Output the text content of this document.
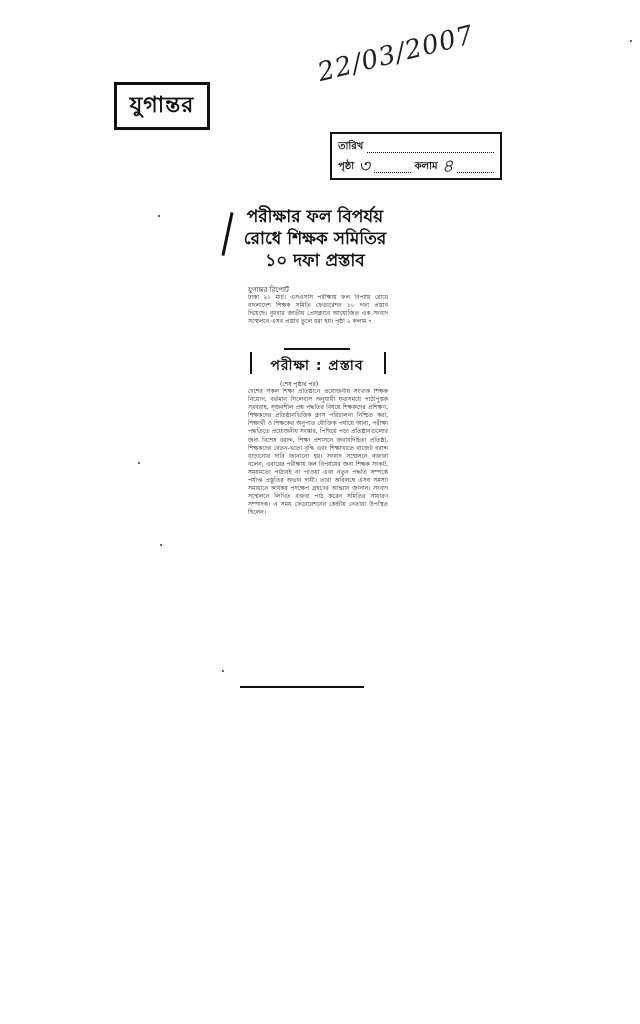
যুগান্তর
22/03/2007
তারিখ
পৃষ্ঠা ৩	কলাম ৪
পরীক্ষার ফল বিপর্যয়
রোধে শিক্ষক সমিতির
১০ দফা প্রস্তাব
যুগান্তর রিপোর্ট
ঢাকা ২১ মার্চ। এসএসসি পরীক্ষায় ফল বিপর্যয় রোধে বাংলাদেশ শিক্ষক সমিতি ফেডারেশন ১০ দফা প্রস্তাব দিয়েছে। বুধবার জাতীয় প্রেসক্লাবে আয়োজিত এক সংবাদ সম্মেলনে এসব প্রস্তাব তুলে ধরা হয়। পৃষ্ঠা ২ কলাম ৭
পরীক্ষা : প্রস্তাব
(শেষ পৃষ্ঠার পর)
দেশের সকল শিক্ষা প্রতিষ্ঠানে প্রয়োজনীয় সংখ্যক শিক্ষক নিয়োগ, বর্তমান সিলেবাস অনুযায়ী যথাসময়ে পাঠ্যপুস্তক সরবরাহ, সৃজনশীল প্রশ্ন পদ্ধতির বিষয়ে শিক্ষকদের প্রশিক্ষণ, শিক্ষকদের প্রতিষ্ঠানভিত্তিক ক্লাস পরিচালনা নিশ্চিত করা, শিক্ষার্থী ও শিক্ষকের অনুপাত যৌক্তিক পর্যায়ে আনা, পরীক্ষা পদ্ধতিতে প্রয়োজনীয় সংস্কার, পিছিয়ে পড়া প্রতিষ্ঠানগুলোর জন্য বিশেষ বরাদ্দ, শিক্ষা প্রশাসনে জবাবদিহিতা প্রতিষ্ঠা, শিক্ষকদের বেতন-ভাতা বৃদ্ধি এবং শিক্ষাখাতে বাজেট বরাদ্দ বাড়ানোর দাবি জানানো হয়। সংবাদ সম্মেলনে বক্তারা বলেন, এবারের পরীক্ষায় ফল বিপর্যয়ের জন্য শিক্ষক সংকট, সময়মতো পাঠ্যবই না পাওয়া এবং নতুন পদ্ধতি সম্পর্কে পর্যাপ্ত প্রস্তুতির অভাব দায়ী। তারা অবিলম্বে এসব সমস্যা সমাধানে কার্যকর পদক্ষেপ গ্রহণের আহ্বান জানান। সংবাদ সম্মেলনে লিখিত বক্তব্য পাঠ করেন সমিতির সাধারণ সম্পাদক। এ সময় ফেডারেশনের কেন্দ্রীয় নেতারা উপস্থিত ছিলেন।
